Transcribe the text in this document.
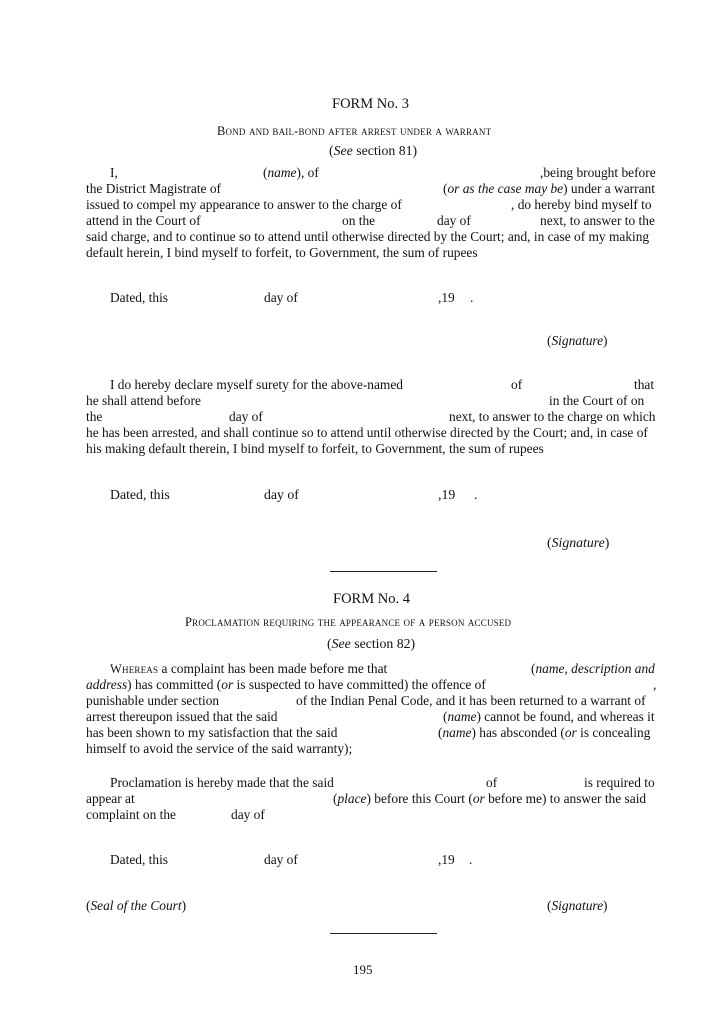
FORM No. 3
Bond and bail-bond after arrest under a warrant
(See section 81)
I,	(name), of	,being brought before
the District Magistrate of	(or as the case may be) under a warrant
issued to compel my appearance to answer to the charge of	, do hereby bind myself to
attend in the Court of	on the	day of	next, to answer to the
said charge, and to continue so to attend until otherwise directed by the Court; and, in case of my making
default herein, I bind myself to forfeit, to Government, the sum of rupees
Dated, this	day of	,19 .
(Signature)
I do hereby declare myself surety for the above-named	of	that
he shall attend before	in the Court of on
the	day of	next, to answer to the charge on which
he has been arrested, and shall continue so to attend until otherwise directed by the Court; and, in case of
his making default therein, I bind myself to forfeit, to Government, the sum of rupees
Dated, this	day of	,19 .
(Signature)
FORM No. 4
Proclamation requiring the appearance of a person accused
(See section 82)
Whereas a complaint has been made before me that	(name, description and
address) has committed (or is suspected to have committed) the offence of	,
punishable under section	of the Indian Penal Code, and it has been returned to a warrant of
arrest thereupon issued that the said	(name) cannot be found, and whereas it
has been shown to my satisfaction that the said	(name) has absconded (or is concealing
himself to avoid the service of the said warranty);
Proclamation is hereby made that the said	of	is required to
appear at	(place) before this Court (or before me) to answer the said
complaint on the	day of
Dated, this	day of	,19 .
(Seal of the Court)	(Signature)
195
